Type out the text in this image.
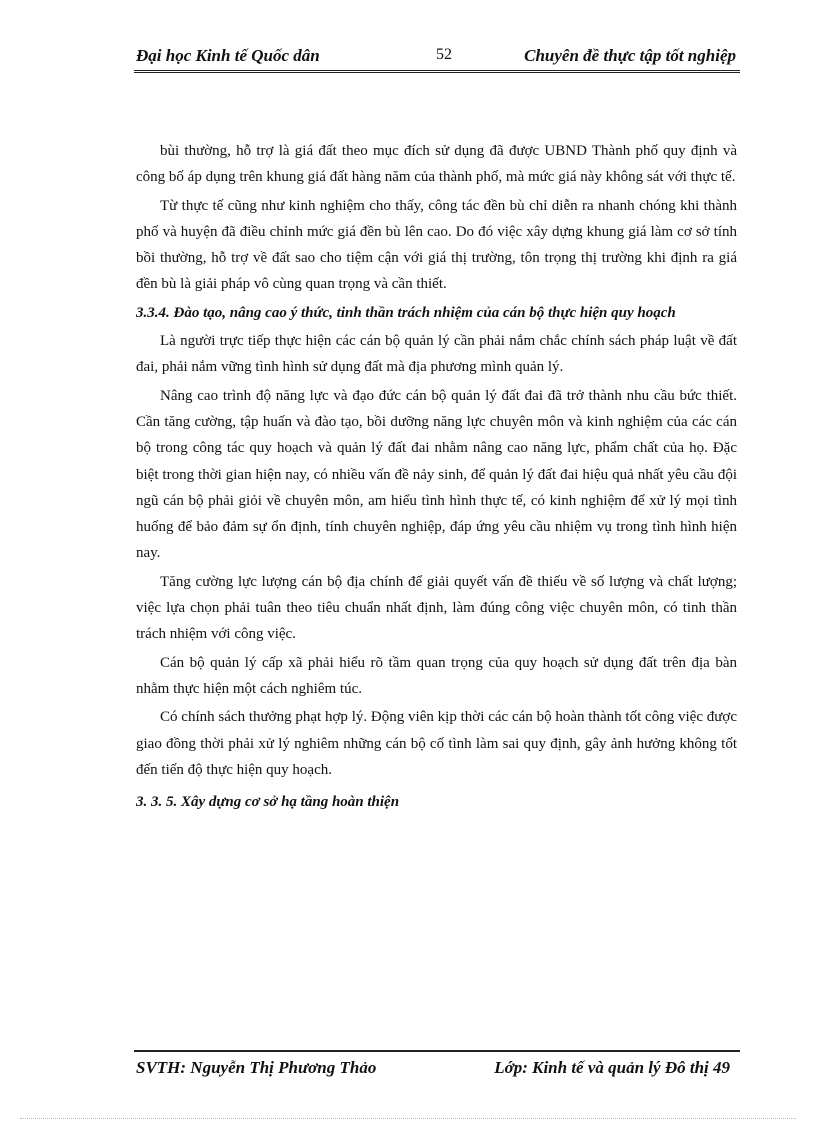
Đại học Kinh tế Quốc dân	52	Chuyên đề thực tập tốt nghiệp

bùi thường, hỗ trợ là giá đất theo mục đích sử dụng đã được UBND Thành phố quy định và công bố áp dụng trên khung giá đất hàng năm của thành phố, mà mức giá này không sát với thực tế.

Từ thực tế cũng như kinh nghiệm cho thấy, công tác đền bù chỉ diễn ra nhanh chóng khi thành phố và huyện đã điều chỉnh mức giá đền bù lên cao. Do đó việc xây dựng khung giá làm cơ sở tính bồi thường, hỗ trợ về đất sao cho tiệm cận với giá thị trường, tôn trọng thị trường khi định ra giá đền bù là giải pháp vô cùng quan trọng và cần thiết.

3.3.4. Đào tạo, nâng cao ý thức, tinh thần trách nhiệm của cán bộ thực hiện quy hoạch

Là người trực tiếp thực hiện các cán bộ quản lý cần phải nắm chắc chính sách pháp luật về đất đai, phải nắm vững tình hình sử dụng đất mà địa phương mình quản lý.

Nâng cao trình độ năng lực và đạo đức cán bộ quản lý đất đai đã trở thành nhu cầu bức thiết. Cần tăng cường, tập huấn và đào tạo, bồi dưỡng năng lực chuyên môn và kinh nghiệm của các cán bộ trong công tác quy hoạch và quản lý đất đai nhằm nâng cao năng lực, phẩm chất của họ. Đặc biệt trong thời gian hiện nay, có nhiều vấn đề nảy sinh, để quản lý đất đai hiệu quả nhất yêu cầu đội ngũ cán bộ phải giỏi về chuyên môn, am hiểu tình hình thực tế, có kinh nghiệm để xử lý mọi tình huống để bảo đảm sự ổn định, tính chuyên nghiệp, đáp ứng yêu cầu nhiệm vụ trong tình hình hiện nay.

Tăng cường lực lượng cán bộ địa chính để giải quyết vấn đề thiếu về số lượng và chất lượng; việc lựa chọn phải tuân theo tiêu chuẩn nhất định, làm đúng công việc chuyên môn, có tinh thần trách nhiệm với công việc.

Cán bộ quản lý cấp xã phải hiểu rõ tầm quan trọng của quy hoạch sử dụng đất trên địa bàn nhằm thực hiện một cách nghiêm túc.

Có chính sách thưởng phạt hợp lý. Động viên kịp thời các cán bộ hoàn thành tốt công việc được giao đồng thời phải xử lý nghiêm những cán bộ cố tình làm sai quy định, gây ảnh hưởng không tốt đến tiến độ thực hiện quy hoạch.

3. 3. 5. Xây dựng cơ sở hạ tầng hoàn thiện
SVTH: Nguyễn Thị Phương Thảo	Lớp: Kinh tế và quản lý Đô thị 49
